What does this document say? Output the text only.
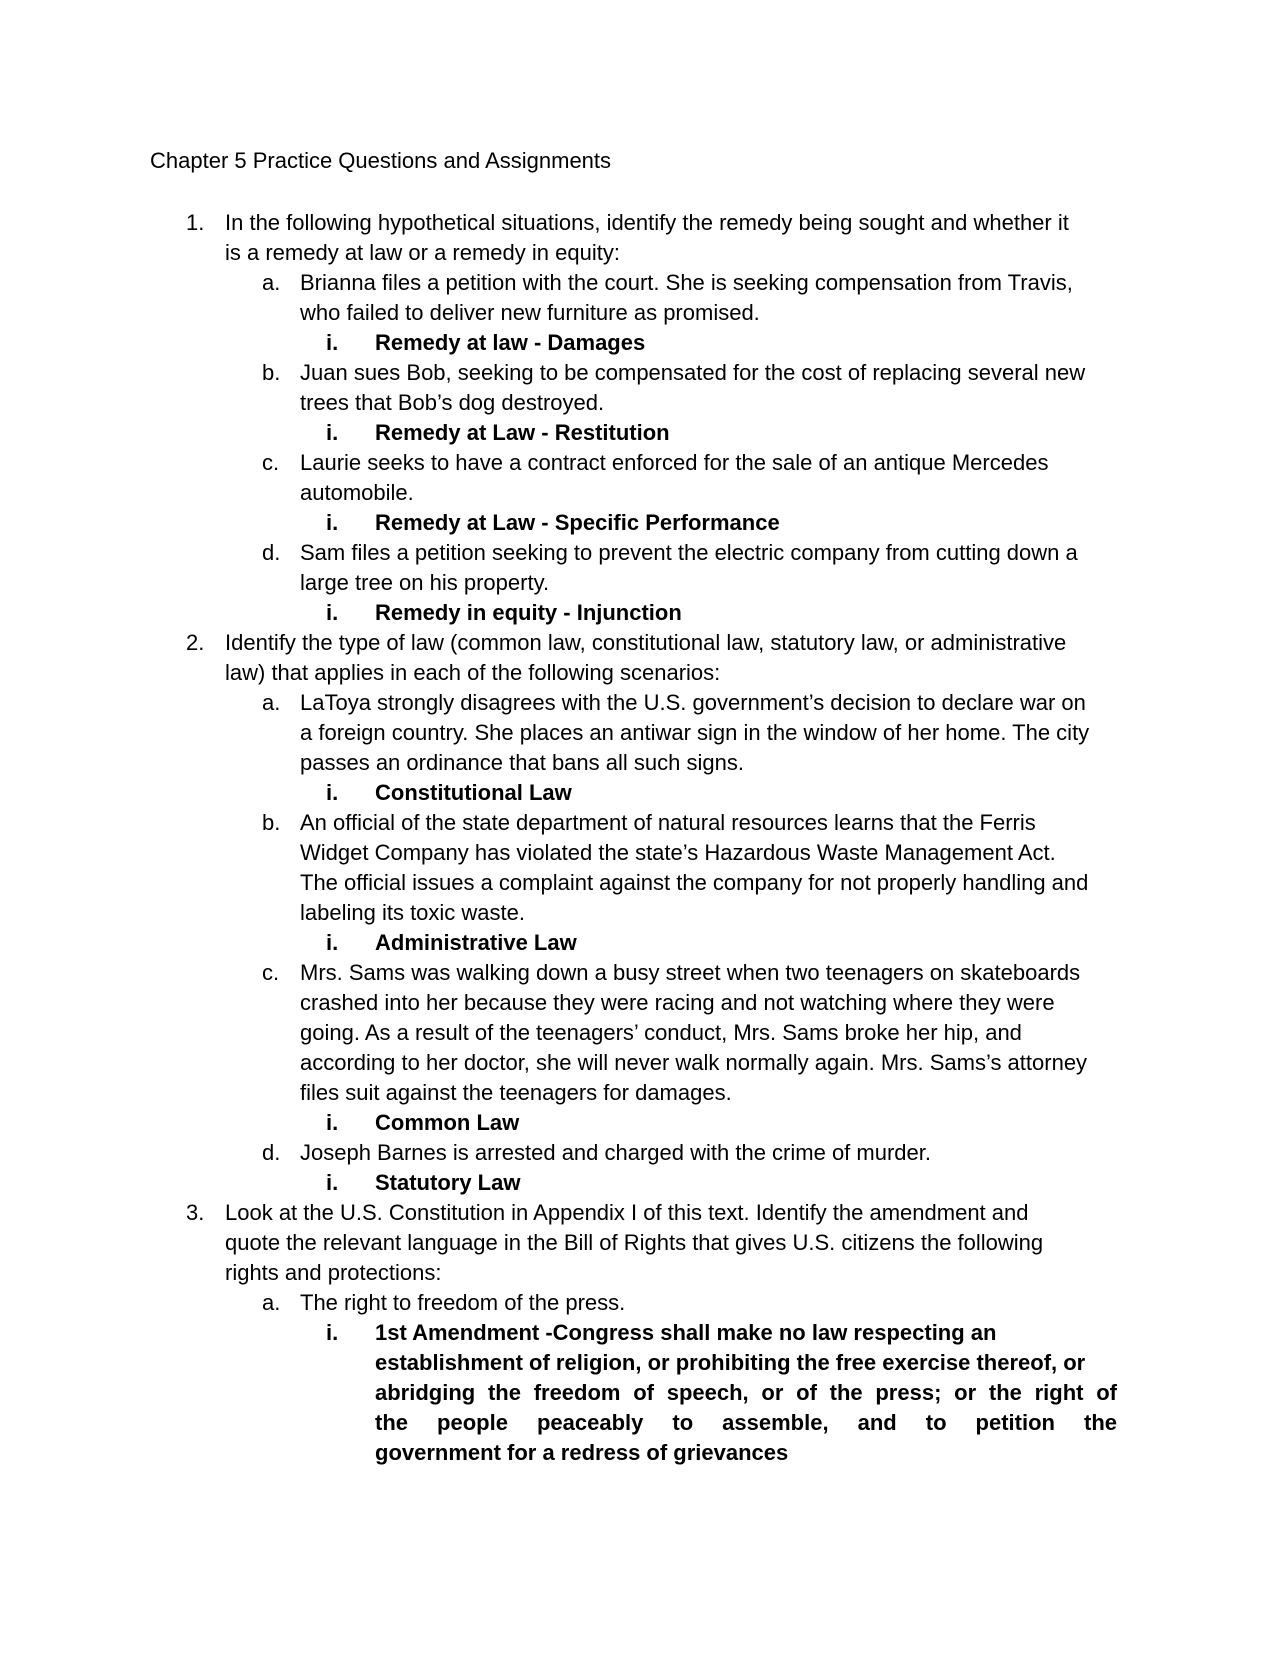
Chapter 5 Practice Questions and Assignments
1. In the following hypothetical situations, identify the remedy being sought and whether it
is a remedy at law or a remedy in equity:
a. Brianna files a petition with the court. She is seeking compensation from Travis,
who failed to deliver new furniture as promised.
i. Remedy at law - Damages
b. Juan sues Bob, seeking to be compensated for the cost of replacing several new
trees that Bob’s dog destroyed.
i. Remedy at Law - Restitution
c. Laurie seeks to have a contract enforced for the sale of an antique Mercedes
automobile.
i. Remedy at Law - Specific Performance
d. Sam files a petition seeking to prevent the electric company from cutting down a
large tree on his property.
i. Remedy in equity - Injunction
2. Identify the type of law (common law, constitutional law, statutory law, or administrative
law) that applies in each of the following scenarios:
a. LaToya strongly disagrees with the U.S. government’s decision to declare war on
a foreign country. She places an antiwar sign in the window of her home. The city
passes an ordinance that bans all such signs.
i. Constitutional Law
b. An official of the state department of natural resources learns that the Ferris
Widget Company has violated the state’s Hazardous Waste Management Act.
The official issues a complaint against the company for not properly handling and
labeling its toxic waste.
i. Administrative Law
c. Mrs. Sams was walking down a busy street when two teenagers on skateboards
crashed into her because they were racing and not watching where they were
going. As a result of the teenagers’ conduct, Mrs. Sams broke her hip, and
according to her doctor, she will never walk normally again. Mrs. Sams’s attorney
files suit against the teenagers for damages.
i. Common Law
d. Joseph Barnes is arrested and charged with the crime of murder.
i. Statutory Law
3. Look at the U.S. Constitution in Appendix I of this text. Identify the amendment and
quote the relevant language in the Bill of Rights that gives U.S. citizens the following
rights and protections:
a. The right to freedom of the press.
i. 1st Amendment -Congress shall make no law respecting an
establishment of religion, or prohibiting the free exercise thereof, or
abridging the freedom of speech, or of the press; or the right of
the people peaceably to assemble, and to petition the
government for a redress of grievances
